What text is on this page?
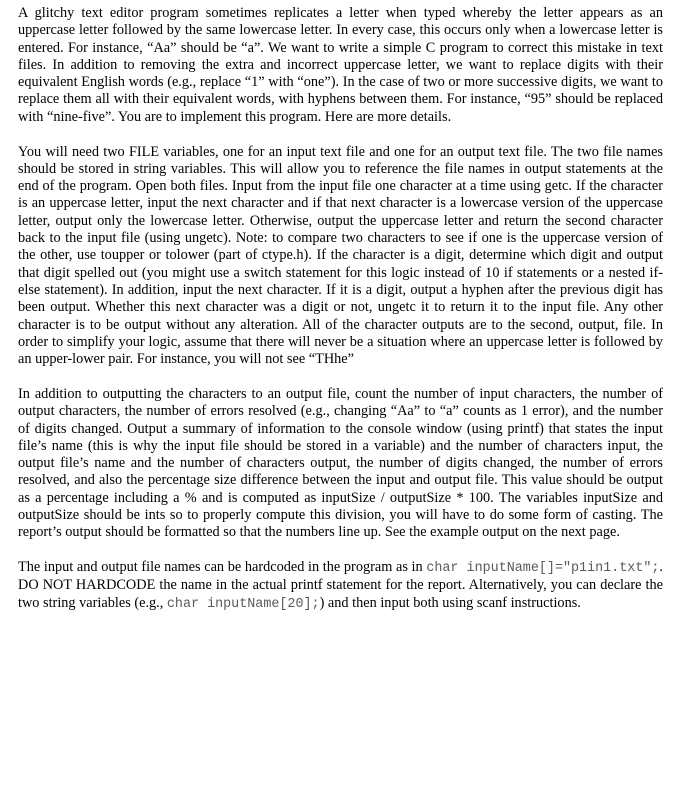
A glitchy text editor program sometimes replicates a letter when typed whereby the letter appears as an uppercase letter followed by the same lowercase letter. In every case, this occurs only when a lowercase letter is entered. For instance, “Aa” should be “a”. We want to write a simple C program to correct this mistake in text files. In addition to removing the extra and incorrect uppercase letter, we want to replace digits with their equivalent English words (e.g., replace “1” with “one”). In the case of two or more successive digits, we want to replace them all with their equivalent words, with hyphens between them. For instance, “95” should be replaced with “nine-five”. You are to implement this program. Here are more details.

You will need two FILE variables, one for an input text file and one for an output text file. The two file names should be stored in string variables. This will allow you to reference the file names in output statements at the end of the program. Open both files. Input from the input file one character at a time using getc. If the character is an uppercase letter, input the next character and if that next character is a lowercase version of the uppercase letter, output only the lowercase letter. Otherwise, output the uppercase letter and return the second character back to the input file (using ungetc). Note: to compare two characters to see if one is the uppercase version of the other, use toupper or tolower (part of ctype.h). If the character is a digit, determine which digit and output that digit spelled out (you might use a switch statement for this logic instead of 10 if statements or a nested if-else statement). In addition, input the next character. If it is a digit, output a hyphen after the previous digit has been output. Whether this next character was a digit or not, ungetc it to return it to the input file. Any other character is to be output without any alteration. All of the character outputs are to the second, output, file. In order to simplify your logic, assume that there will never be a situation where an uppercase letter is followed by an upper-lower pair. For instance, you will not see “THhe”

In addition to outputting the characters to an output file, count the number of input characters, the number of output characters, the number of errors resolved (e.g., changing “Aa” to “a” counts as 1 error), and the number of digits changed. Output a summary of information to the console window (using printf) that states the input file’s name (this is why the input file should be stored in a variable) and the number of characters input, the output file’s name and the number of characters output, the number of digits changed, the number of errors resolved, and also the percentage size difference between the input and output file. This value should be output as a percentage including a % and is computed as inputSize / outputSize * 100. The variables inputSize and outputSize should be ints so to properly compute this division, you will have to do some form of casting. The report’s output should be formatted so that the numbers line up. See the example output on the next page.

The input and output file names can be hardcoded in the program as in char inputName[]="p1in1.txt";. DO NOT HARDCODE the name in the actual printf statement for the report. Alternatively, you can declare the two string variables (e.g., char inputName[20];) and then input both using scanf instructions.
